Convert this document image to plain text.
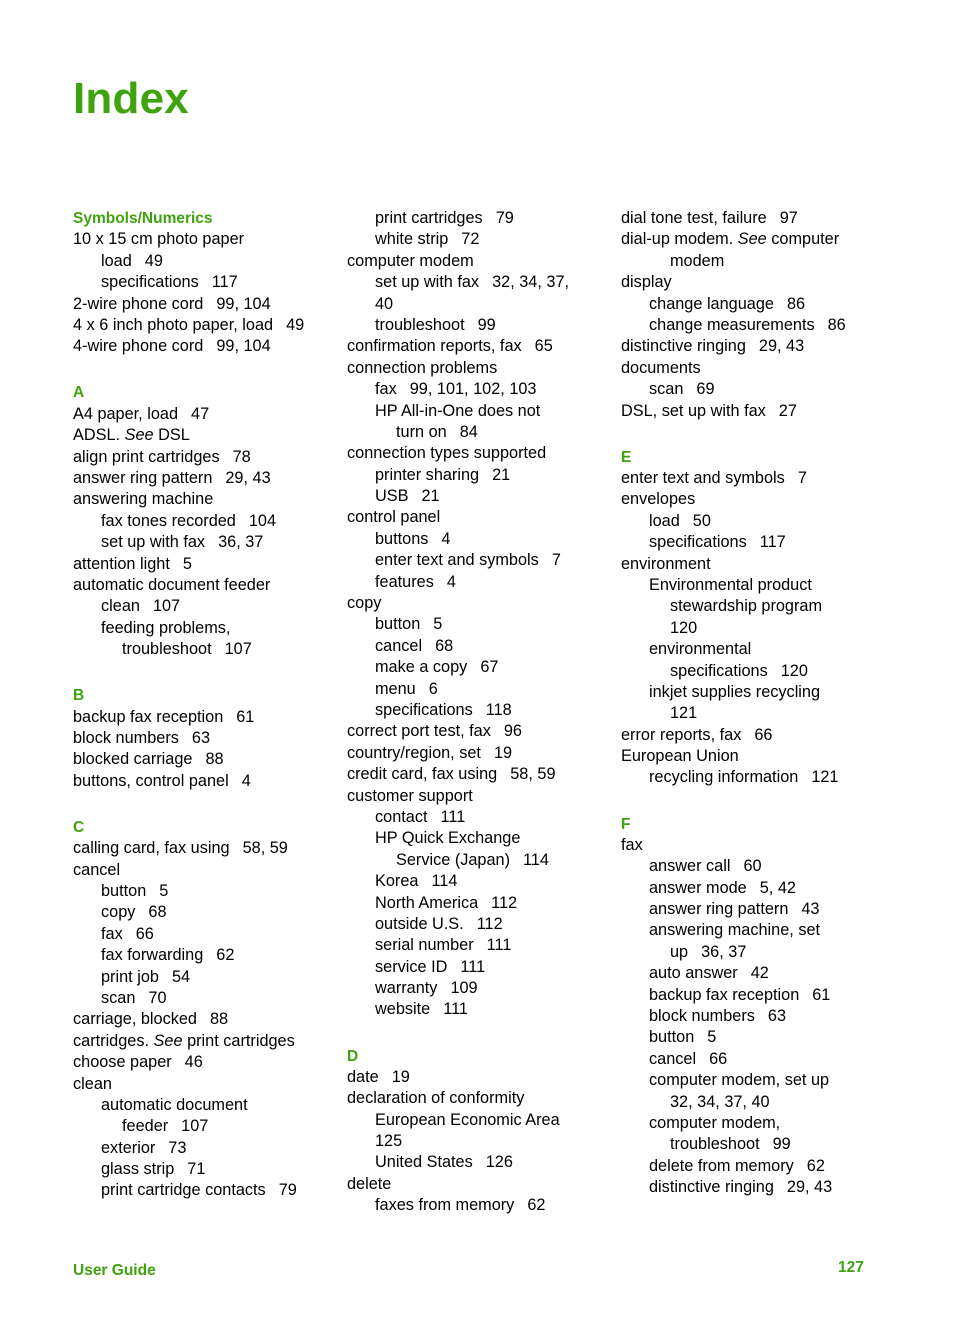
Index
Symbols/Numerics
10 x 15 cm photo paper
load 49
specifications 117
2-wire phone cord 99, 104
4 x 6 inch photo paper, load 49
4-wire phone cord 99, 104
A
A4 paper, load 47
ADSL. See DSL
align print cartridges 78
answer ring pattern 29, 43
answering machine
fax tones recorded 104
set up with fax 36, 37
attention light 5
automatic document feeder
clean 107
feeding problems,
troubleshoot 107
B
backup fax reception 61
block numbers 63
blocked carriage 88
buttons, control panel 4
C
calling card, fax using 58, 59
cancel
button 5
copy 68
fax 66
fax forwarding 62
print job 54
scan 70
carriage, blocked 88
cartridges. See print cartridges
choose paper 46
clean
automatic document
feeder 107
exterior 73
glass strip 71
print cartridge contacts 79
print cartridges 79
white strip 72
computer modem
set up with fax 32, 34, 37,
40
troubleshoot 99
confirmation reports, fax 65
connection problems
fax 99, 101, 102, 103
HP All-in-One does not
turn on 84
connection types supported
printer sharing 21
USB 21
control panel
buttons 4
enter text and symbols 7
features 4
copy
button 5
cancel 68
make a copy 67
menu 6
specifications 118
correct port test, fax 96
country/region, set 19
credit card, fax using 58, 59
customer support
contact 111
HP Quick Exchange
Service (Japan) 114
Korea 114
North America 112
outside U.S. 112
serial number 111
service ID 111
warranty 109
website 111
D
date 19
declaration of conformity
European Economic Area
125
United States 126
delete
faxes from memory 62
dial tone test, failure 97
dial-up modem. See computer
modem
display
change language 86
change measurements 86
distinctive ringing 29, 43
documents
scan 69
DSL, set up with fax 27
E
enter text and symbols 7
envelopes
load 50
specifications 117
environment
Environmental product
stewardship program
120
environmental
specifications 120
inkjet supplies recycling
121
error reports, fax 66
European Union
recycling information 121
F
fax
answer call 60
answer mode 5, 42
answer ring pattern 43
answering machine, set
up 36, 37
auto answer 42
backup fax reception 61
block numbers 63
button 5
cancel 66
computer modem, set up
32, 34, 37, 40
computer modem,
troubleshoot 99
delete from memory 62
distinctive ringing 29, 43
User Guide	127
